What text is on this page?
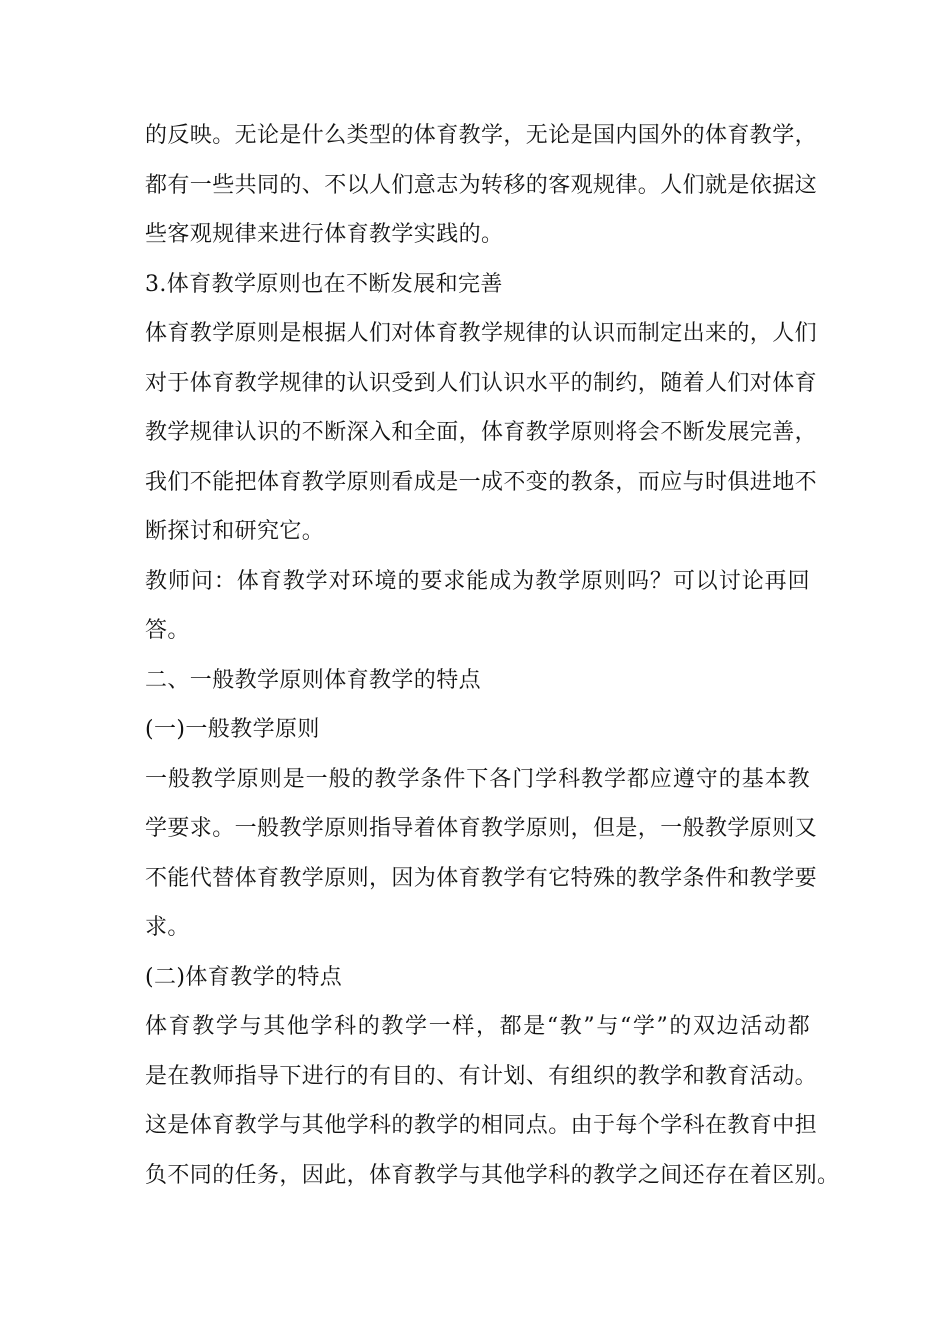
的反映。无论是什么类型的体育教学，无论是国内国外的体育教学，
都有一些共同的、不以人们意志为转移的客观规律。人们就是依据这
些客观规律来进行体育教学实践的。
3.体育教学原则也在不断发展和完善
体育教学原则是根据人们对体育教学规律的认识而制定出来的，人们
对于体育教学规律的认识受到人们认识水平的制约，随着人们对体育
教学规律认识的不断深入和全面，体育教学原则将会不断发展完善，
我们不能把体育教学原则看成是一成不变的教条，而应与时俱进地不
断探讨和研究它。
教师问：体育教学对环境的要求能成为教学原则吗？可以讨论再回
答。
二、一般教学原则体育教学的特点
(一)一般教学原则
一般教学原则是一般的教学条件下各门学科教学都应遵守的基本教
学要求。一般教学原则指导着体育教学原则，但是，一般教学原则又
不能代替体育教学原则，因为体育教学有它特殊的教学条件和教学要
求。
(二)体育教学的特点
体育教学与其他学科的教学一样，都是“教”与“学”的双边活动都
是在教师指导下进行的有目的、有计划、有组织的教学和教育活动。
这是体育教学与其他学科的教学的相同点。由于每个学科在教育中担
负不同的任务，因此，体育教学与其他学科的教学之间还存在着区别。
